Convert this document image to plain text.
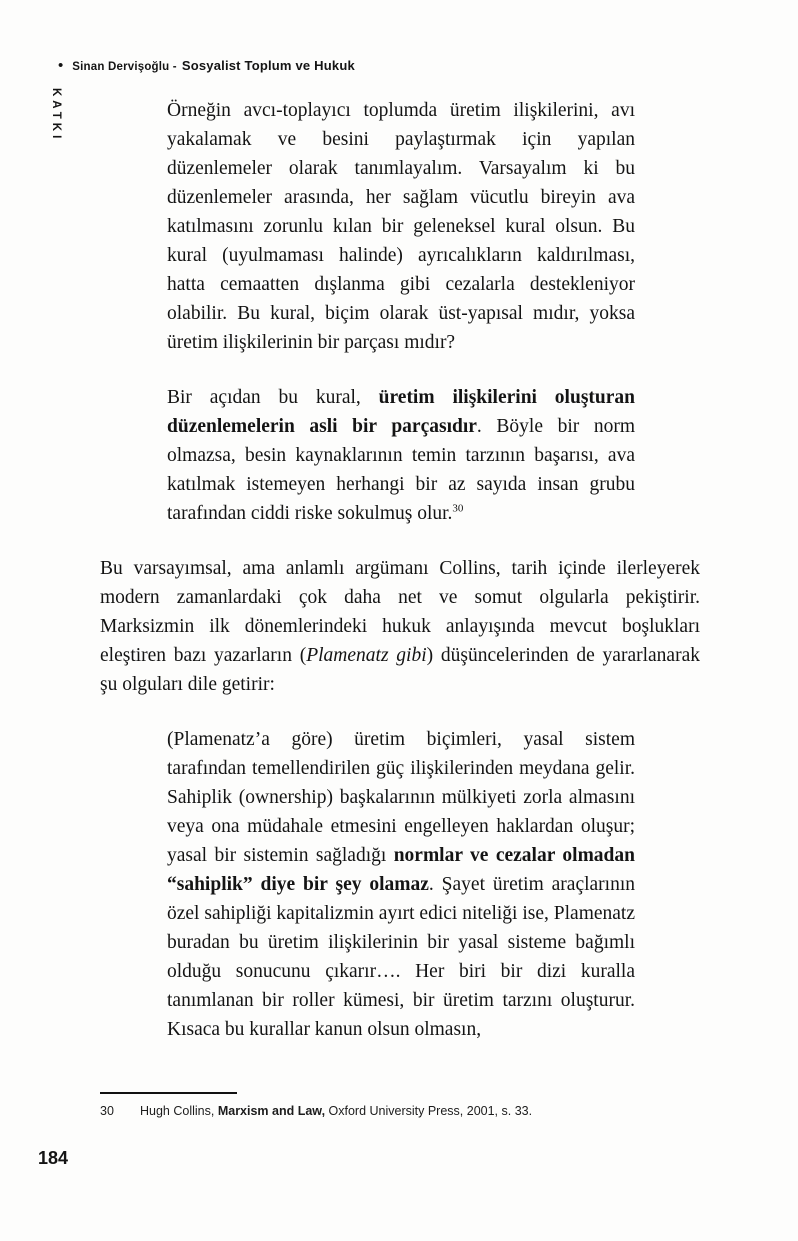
• Sinan Dervişoğlu - Sosyalist Toplum ve Hukuk
KATKI	Örneğin avcı-toplayıcı toplumda üretim ilişkilerini, avı yakalamak ve besini paylaştırmak için yapılan düzenlemeler olarak tanımlayalım. Varsayalım ki bu düzenlemeler arasında, her sağlam vücutlu bireyin ava katılmasını zorunlu kılan bir geleneksel kural olsun. Bu kural (uyulmaması halinde) ayrıcalıkların kaldırılması, hatta cemaatten dışlanma gibi cezalarla destekleniyor olabilir. Bu kural, biçim olarak üst-yapısal mıdır, yoksa üretim ilişkilerinin bir parçası mıdır?

Bir açıdan bu kural, üretim ilişkilerini oluşturan düzenlemelerin asli bir parçasıdır. Böyle bir norm olmazsa, besin kaynaklarının temin tarzının başarısı, ava katılmak istemeyen herhangi bir az sayıda insan grubu tarafından ciddi riske sokulmuş olur.$^{30}$

Bu varsayımsal, ama anlamlı argümanı Collins, tarih içinde ilerleyerek modern zamanlardaki çok daha net ve somut olgularla pekiştirir. Marksizmin ilk dönemlerindeki hukuk anlayışında mevcut boşlukları eleştiren bazı yazarların (Plamenatz gibi) düşüncelerinden de yararlanarak şu olguları dile getirir:

(Plamenatz’a göre) üretim biçimleri, yasal sistem tarafından temellendirilen güç ilişkilerinden meydana gelir. Sahiplik (ownership) başkalarının mülkiyeti zorla almasını veya ona müdahale etmesini engelleyen haklardan oluşur; yasal bir sistemin sağladığı normlar ve cezalar olmadan “sahiplik” diye bir şey olamaz. Şayet üretim araçlarının özel sahipliği kapitalizmin ayırt edici niteliği ise, Plamenatz buradan bu üretim ilişkilerinin bir yasal sisteme bağımlı olduğu sonucunu çıkarır…. Her biri bir dizi kuralla tanımlanan bir roller kümesi, bir üretim tarzını oluşturur. Kısaca bu kurallar kanun olsun olmasın,

30 Hugh Collins, Marxism and Law, Oxford University Press, 2001, s. 33.
184
